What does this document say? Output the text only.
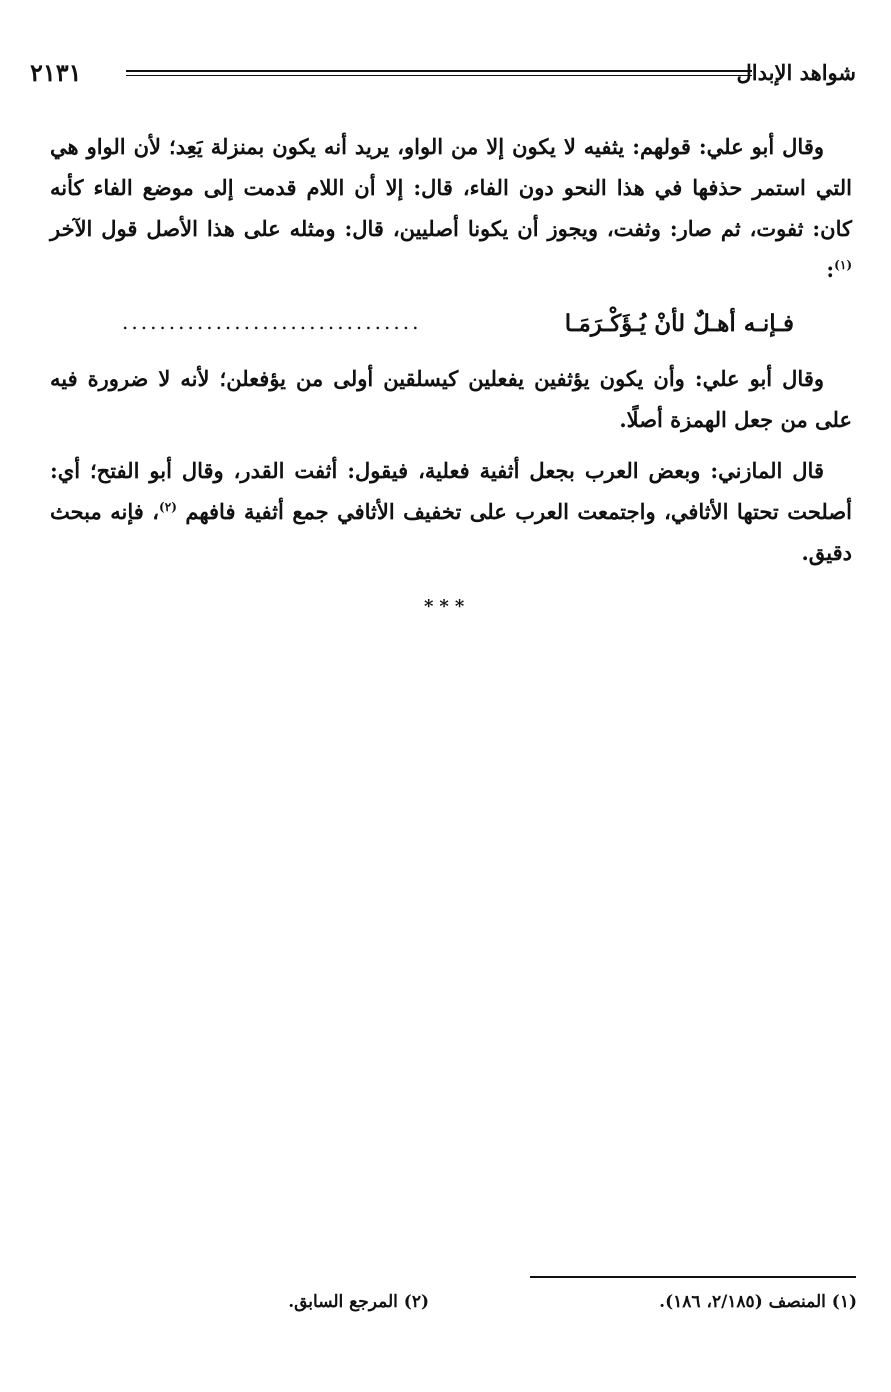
شواهد الإبدال
٢١٣١
وقال أبو علي: قولهم: يثفيه لا يكون إلا من الواو، يريد أنه يكون بمنزلة يَعِد؛ لأن الواو هي التي استمر حذفها في هذا النحو دون الفاء، قال: إلا أن اللام قدمت إلى موضع الفاء كأنه كان: ثفوت، ثم صار: وثفت، ويجوز أن يكونا أصليين، قال: ومثله على هذا الأصل قول الآخر $^{(١)}$:
فـإنـه أهـلٌ لأنْ يُـؤَكْـرَمَـا
................................
وقال أبو علي: وأن يكون يؤثفين يفعلين كيسلقين أولى من يؤفعلن؛ لأنه لا ضرورة فيه على من جعل الهمزة أصلًا.
قال المازني: وبعض العرب بجعل أثفية فعلية، فيقول: أثفت القدر، وقال أبو الفتح؛ أي: أصلحت تحتها الأثافي، واجتمعت العرب على تخفيف الأثافي جمع أثفية فافهم $^{(٢)}$، فإنه مبحث دقيق.
***
(١) المنصف (٢/١٨٥، ١٨٦).
(٢) المرجع السابق.
